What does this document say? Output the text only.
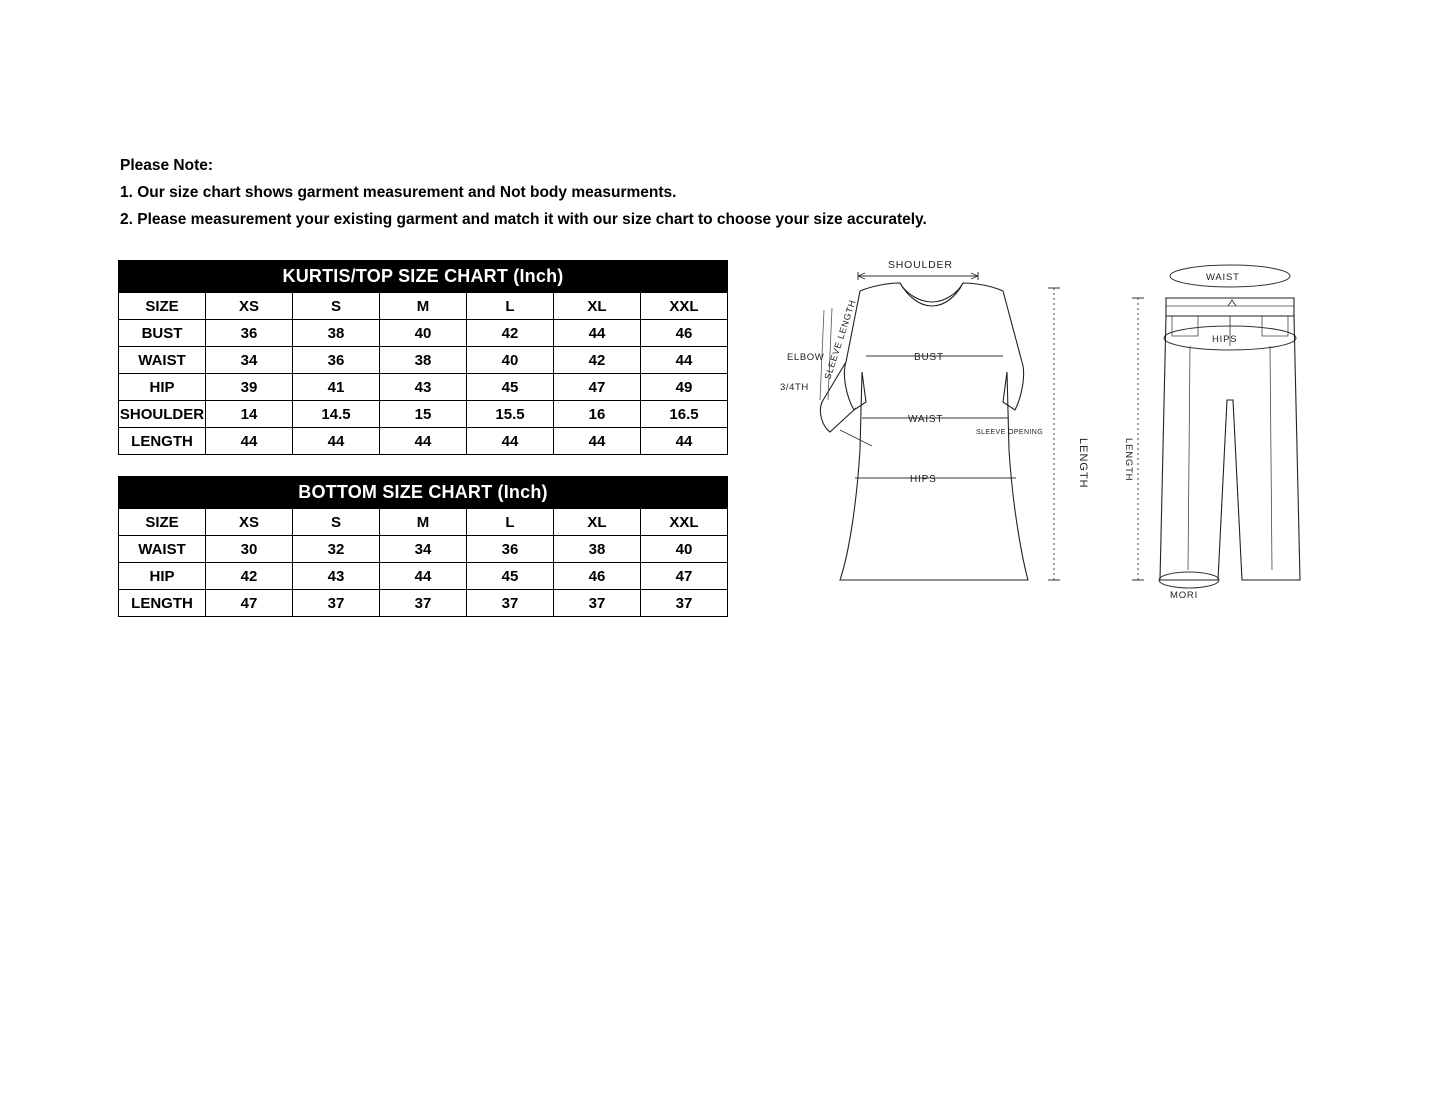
Please Note:
1. Our size chart shows garment measurement and Not body measurments.
2. Please measurement your existing garment and match it with our size chart to choose your size accurately.
KURTIS/TOP SIZE CHART (Inch)						
SIZE	XS	S	M	L	XL	XXL
BUST	36	38	40	42	44	46
WAIST	34	36	38	40	42	44
HIP	39	41	43	45	47	49
SHOULDER	14	14.5	15	15.5	16	16.5
LENGTH	44	44	44	44	44	44
BOTTOM SIZE CHART (Inch)						
SIZE	XS	S	M	L	XL	XXL
WAIST	30	32	34	36	38	40
HIP	42	43	44	45	46	47
LENGTH	47	37	37	37	37	37
SHOULDER
BUST
WAIST
HIPS
ELBOW
3/4TH
SLEEVE LENGTH
SLEEVE OPENING
LENGTH
WAIST
HIPS
LENGTH
MORI
